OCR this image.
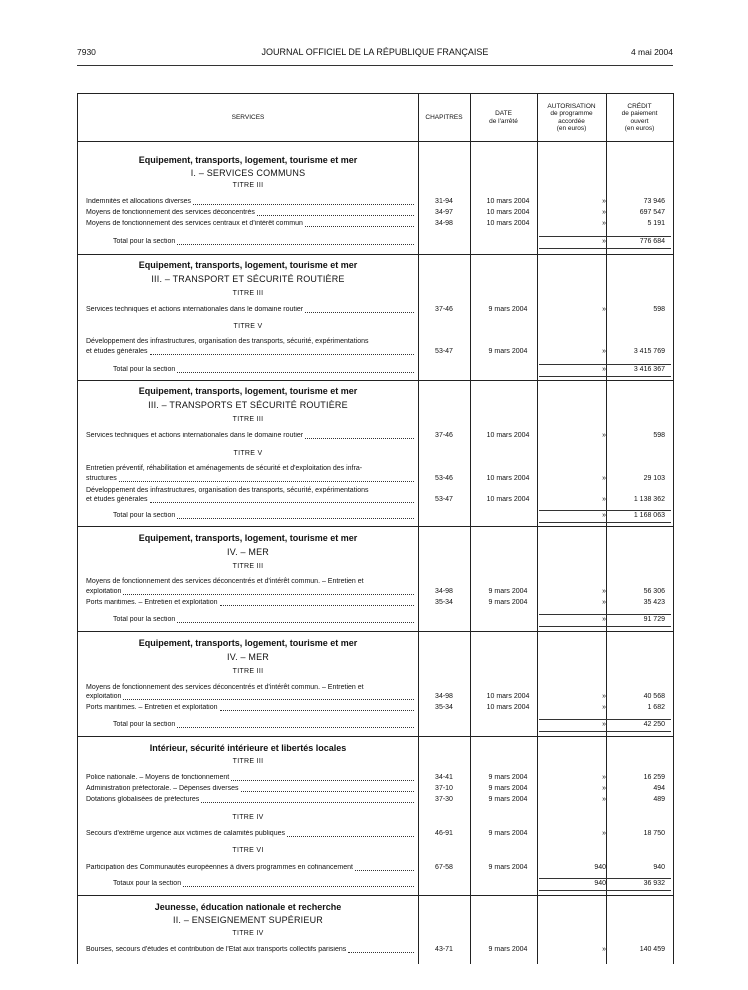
7930	JOURNAL OFFICIEL DE LA RÉPUBLIQUE FRANÇAISE	4 mai 2004
SERVICES	CHAPITRES
DATE
de l'arrêté
AUTORISATION
de programme
accordée
(en euros)
CRÉDIT
de paiement
ouvert
(en euros)
Equipement, transports, logement, tourisme et mer
I. – SERVICES COMMUNS
TITRE III
Indemnités et allocations diverses	31-94	10 mars 2004	»	73 946
Moyens de fonctionnement des services déconcentrés	34-97	10 mars 2004	»	697 547
Moyens de fonctionnement des services centraux et d'intérêt commun	34-98	10 mars 2004	»	5 191
Total pour la section	»	776 684
Equipement, transports, logement, tourisme et mer
III. – TRANSPORT ET SÉCURITÉ ROUTIÈRE
TITRE III
Services techniques et actions internationales dans le domaine routier	37-46	9 mars 2004	»	598
TITRE V
Développement des infrastructures, organisation des transports, sécurité, expérimentations
et études générales	53-47	9 mars 2004	»	3 415 769
Total pour la section	»	3 416 367
Equipement, transports, logement, tourisme et mer
III. – TRANSPORTS ET SÉCURITÉ ROUTIÈRE
TITRE III
Services techniques et actions internationales dans le domaine routier	37-46	10 mars 2004	»	598
TITRE V
Entretien préventif, réhabilitation et aménagements de sécurité et d'exploitation des infra-
structures	53-46	10 mars 2004	»	29 103
Développement des infrastructures, organisation des transports, sécurité, expérimentations
et études générales	53-47	10 mars 2004	»	1 138 362
Total pour la section	»	1 168 063
Equipement, transports, logement, tourisme et mer
IV. – MER
TITRE III
Moyens de fonctionnement des services déconcentrés et d'intérêt commun. – Entretien et
exploitation	34-98	9 mars 2004	»	56 306
Ports maritimes. – Entretien et exploitation	35-34	9 mars 2004	»	35 423
Total pour la section	»	91 729
Equipement, transports, logement, tourisme et mer
IV. – MER
TITRE III
Moyens de fonctionnement des services déconcentrés et d'intérêt commun. – Entretien et
exploitation	34-98	10 mars 2004	»	40 568
Ports maritimes. – Entretien et exploitation	35-34	10 mars 2004	»	1 682
Total pour la section	»	42 250
Intérieur, sécurité intérieure et libertés locales
TITRE III
Police nationale. – Moyens de fonctionnement	34-41	9 mars 2004	»	16 259
Administration préfectorale. – Dépenses diverses	37-10	9 mars 2004	»	494
Dotations globalisées de préfectures	37-30	9 mars 2004	»	489
TITRE IV
Secours d'extrême urgence aux victimes de calamités publiques	46-91	9 mars 2004	»	18 750
TITRE VI
Participation des Communautés européennes à divers programmes en cofinancement	67-58	9 mars 2004	940	940
Totaux pour la section	940	36 932
Jeunesse, éducation nationale et recherche
II. – ENSEIGNEMENT SUPÉRIEUR
TITRE IV
Bourses, secours d'études et contribution de l'Etat aux transports collectifs parisiens	43-71	9 mars 2004	»	140 459
